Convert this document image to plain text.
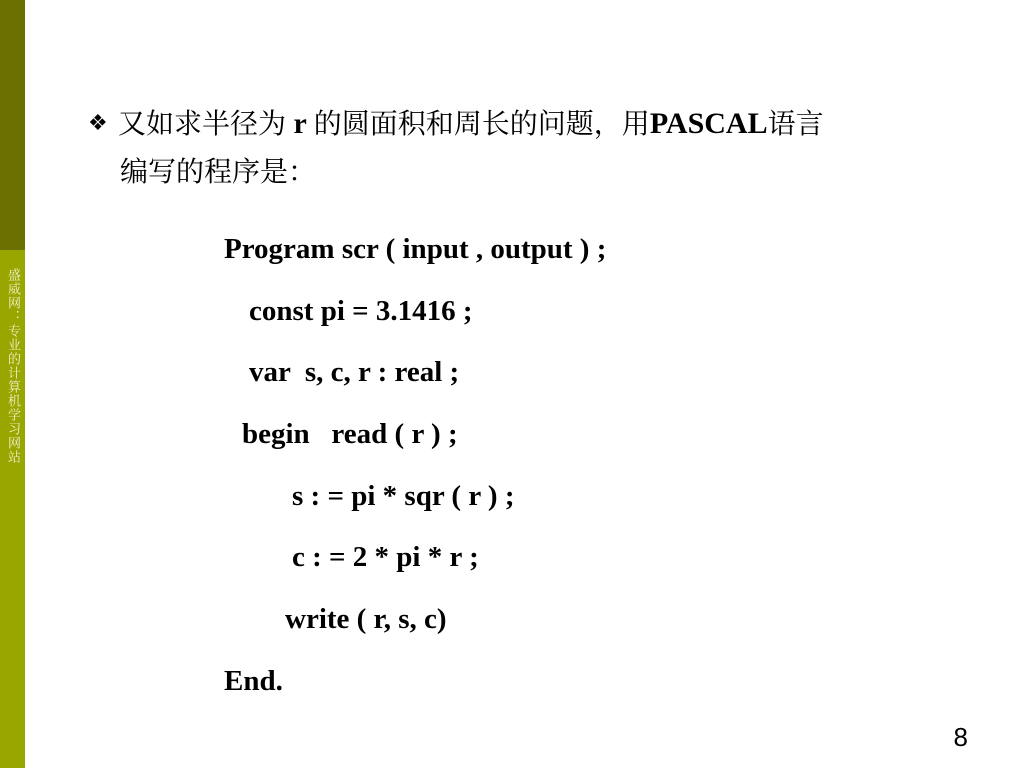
盛威网：专业的计算机学习网站
❖ 又如求半径为 r 的圆面积和周长的问题，用PASCAL语言
编写的程序是：
Program scr ( input , output ) ;
const pi = 3.1416 ;
var  s, c, r : real ;
begin   read ( r ) ;
s : = pi * sqr ( r ) ;
c : = 2 * pi * r ;
write ( r, s, c)
End.
8
